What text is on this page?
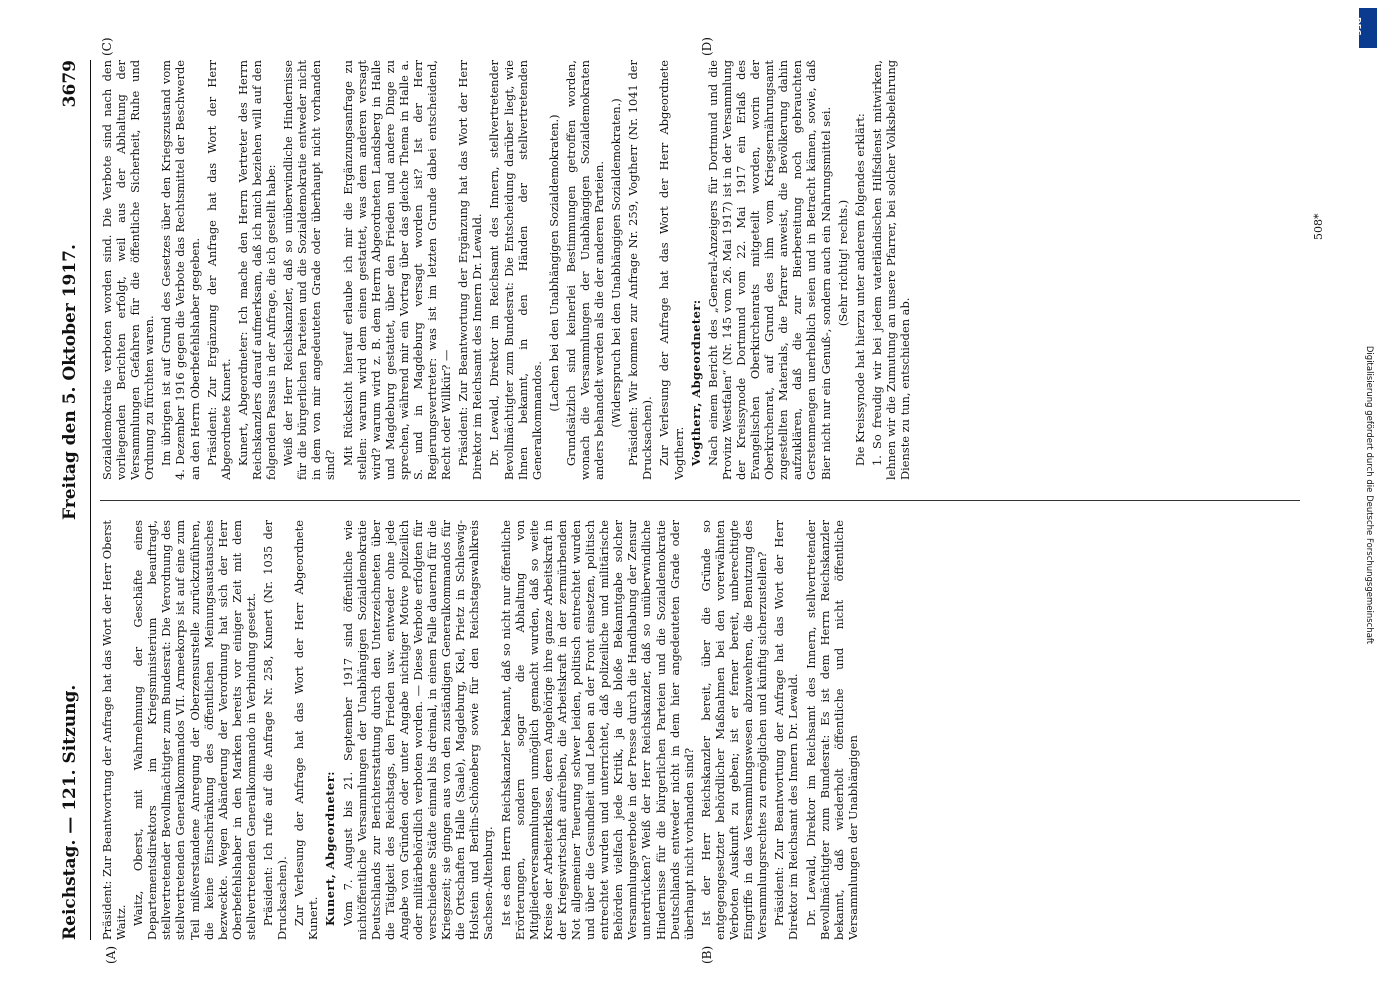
Reichstag. — 121. Sitzung.
Freitag den 5. Oktober 1917.
3679
(A)	(B)
(C)	(D)

Präsident: Zur Beantwortung der Anfrage hat das Wort der Herr Oberst Waitz. Waitz, Oberst, mit Wahrnehmung der Geschäfte eines Departementsdirektors im Kriegsministerium beauftragt, stellvertretender Bevollmächtigter zum Bundesrat: Die Verordnung des stellvertretenden Generalkommandos VII. Armeekorps ist auf eine zum Teil mißverstandene Anregung der Oberzensurstelle zurückzuführen, die keine Einschränkung des öffentlichen Meinungsaustausches bezweckte. Wegen Abänderung der Verordnung hat sich der Herr Oberbefehlshaber in den Marken bereits vor einiger Zeit mit dem stellvertretenden Generalkommando in Verbindung gesetzt. Präsident: Ich rufe auf die Anfrage Nr. 258, Kunert (Nr. 1035 der Drucksachen). Zur Verlesung der Anfrage hat das Wort der Herr Abgeordnete Kunert. Kunert, Abgeordneter: Vom 7. August bis 21. September 1917 sind öffentliche wie nichtöffentliche Versammlungen der Unabhängigen Sozialdemokratie Deutschlands zur Berichterstattung durch den Unterzeichneten über die Tätigkeit des Reichstags, den Frieden usw. entweder ohne jede Angabe von Gründen oder unter Angabe nichtiger Motive polizeilich oder militärbehördlich verboten worden. — Diese Verbote erfolgten für verschiedene Städte einmal bis dreimal, in einem Falle dauernd für die Kriegszeit; sie gingen aus von den zuständigen Generalkommandos für die Ortschaften Halle (Saale), Magdeburg, Kiel, Prietz in Schleswig-Holstein und Berlin-Schöneberg sowie für den Reichstagswahlkreis Sachsen-Altenburg. Ist es dem Herrn Reichskanzler bekannt, daß so nicht nur öffentliche Erörterungen, sondern sogar die Abhaltung von Mitgliederversammlungen unmöglich gemacht wurden, daß so weite Kreise der Arbeiterklasse, deren Angehörige ihre ganze Arbeitskraft in der Kriegswirtschaft aufreiben, die Arbeitskraft in der zermürbenden Not allgemeiner Teuerung schwer leiden, politisch entrechtet wurden und über die Gesundheit und Leben an der Front einsetzen, politisch entrechtet wurden und unterrichtet, daß polizeiliche und militärische Behörden vielfach jede Kritik, ja die bloße Bekanntgabe solcher Versammlungsverbote in der Presse durch die Handhabung der Zensur unterdrücken? Weiß der Herr Reichskanzler, daß so unüberwindliche Hindernisse für die bürgerlichen Parteien und die Sozialdemokratie Deutschlands entweder nicht in dem hier angedeuteten Grade oder überhaupt nicht vorhanden sind? Ist der Herr Reichskanzler bereit, über die Gründe so entgegengesetzter behördlicher Maßnahmen bei den vorerwähnten Verboten Auskunft zu geben; ist er ferner bereit, unberechtigte Eingriffe in das Versammlungswesen abzuwehren, die Benutzung des Versammlungsrechtes zu ermöglichen und künftig sicherzustellen? Präsident: Zur Beantwortung der Anfrage hat das Wort der Herr Direktor im Reichsamt des Innern Dr. Lewald. Dr. Lewald, Direktor im Reichsamt des Innern, stellvertretender Bevollmächtigter zum Bundesrat: Es ist dem Herrn Reichskanzler bekannt, daß wiederholt öffentliche und nicht öffentliche Versammlungen der Unabhängigen

Sozialdemokratie verboten worden sind. Die Verbote sind nach den vorliegenden Berichten erfolgt, weil aus der Abhaltung der Versammlungen Gefahren für die öffentliche Sicherheit, Ruhe und Ordnung zu fürchten waren. Im übrigen ist auf Grund des Gesetzes über den Kriegszustand vom 4. Dezember 1916 gegen die Verbote das Rechtsmittel der Beschwerde an den Herrn Oberbefehlshaber gegeben. Präsident: Zur Ergänzung der Anfrage hat das Wort der Herr Abgeordnete Kunert. Kunert, Abgeordneter: Ich mache den Herrn Vertreter des Herrn Reichskanzlers darauf aufmerksam, daß ich mich beziehen will auf den folgenden Passus in der Anfrage, die ich gestellt habe: Weiß der Herr Reichskanzler, daß so unüberwindliche Hindernisse für die bürgerlichen Parteien und die Sozialdemokratie entweder nicht in dem von mir angedeuteten Grade oder überhaupt nicht vorhanden sind? Mit Rücksicht hierauf erlaube ich mir die Ergänzungsanfrage zu stellen: warum wird dem einen gestattet, was dem anderen versagt wird? warum wird z. B. dem Herrn Abgeordneten Landsberg in Halle und Magdeburg gestattet, über den Frieden und andere Dinge zu sprechen, während mir ein Vortrag über das gleiche Thema in Halle a. S. und in Magdeburg versagt worden ist? Ist der Herr Regierungsvertreter: was ist im letzten Grunde dabei entscheidend, Recht oder Willkür? — Präsident: Zur Beantwortung der Ergänzung hat das Wort der Herr Direktor im Reichsamt des Innern Dr. Lewald. Dr. Lewald, Direktor im Reichsamt des Innern, stellvertretender Bevollmächtigter zum Bundesrat: Die Entscheidung darüber liegt, wie Ihnen bekannt, in den Händen der stellvertretenden Generalkommandos.

(Lachen bei den Unabhängigen Sozialdemokraten.) Grundsätzlich sind keinerlei Bestimmungen getroffen worden, wonach die Versammlungen der Unabhängigen Sozialdemokraten anders behandelt werden als die der anderen Parteien. (Widerspruch bei den Unabhängigen Sozialdemokraten.) Präsident: Wir kommen zur Anfrage Nr. 259, Vogtherr (Nr. 1041 der Drucksachen). Zur Verlesung der Anfrage hat das Wort der Herr Abgeordnete Vogtherr. Vogtherr, Abgeordneter: Nach einem Bericht des „General-Anzeigers für Dortmund und die Provinz Westfalen“ (Nr. 145 vom 26. Mai 1917) ist in der Versammlung der Kreissynode Dortmund vom 22. Mai 1917 ein Erlaß des Evangelischen Oberkirchenrats mitgeteilt worden, worin der Oberkirchenrat, auf Grund des ihm vom Kriegsernährungsamt zugestellten Materials, die Pfarrer anweist, die Bevölkerung dahin aufzuklären, daß die zur Bierbereitung noch gebrauchten Gerstenmengen unerheblich seien und in Betracht kämen, sowie, daß Bier nicht nur ein Genuß-, sondern auch ein Nahrungsmittel sei. (Sehr richtig! rechts.) Die Kreissynode hat hierzu unter anderem folgendes erklärt: 1. So freudig wir bei jedem vaterländischen Hilfsdienst mitwirken, lehnen wir die Zumutung an unsere Pfarrer, bei solcher Volksbelehrung Dienste zu tun, entschieden ab.

508*
DFG
Digitalisierung gefördert durch die Deutsche Forschungsgemeinschaft
